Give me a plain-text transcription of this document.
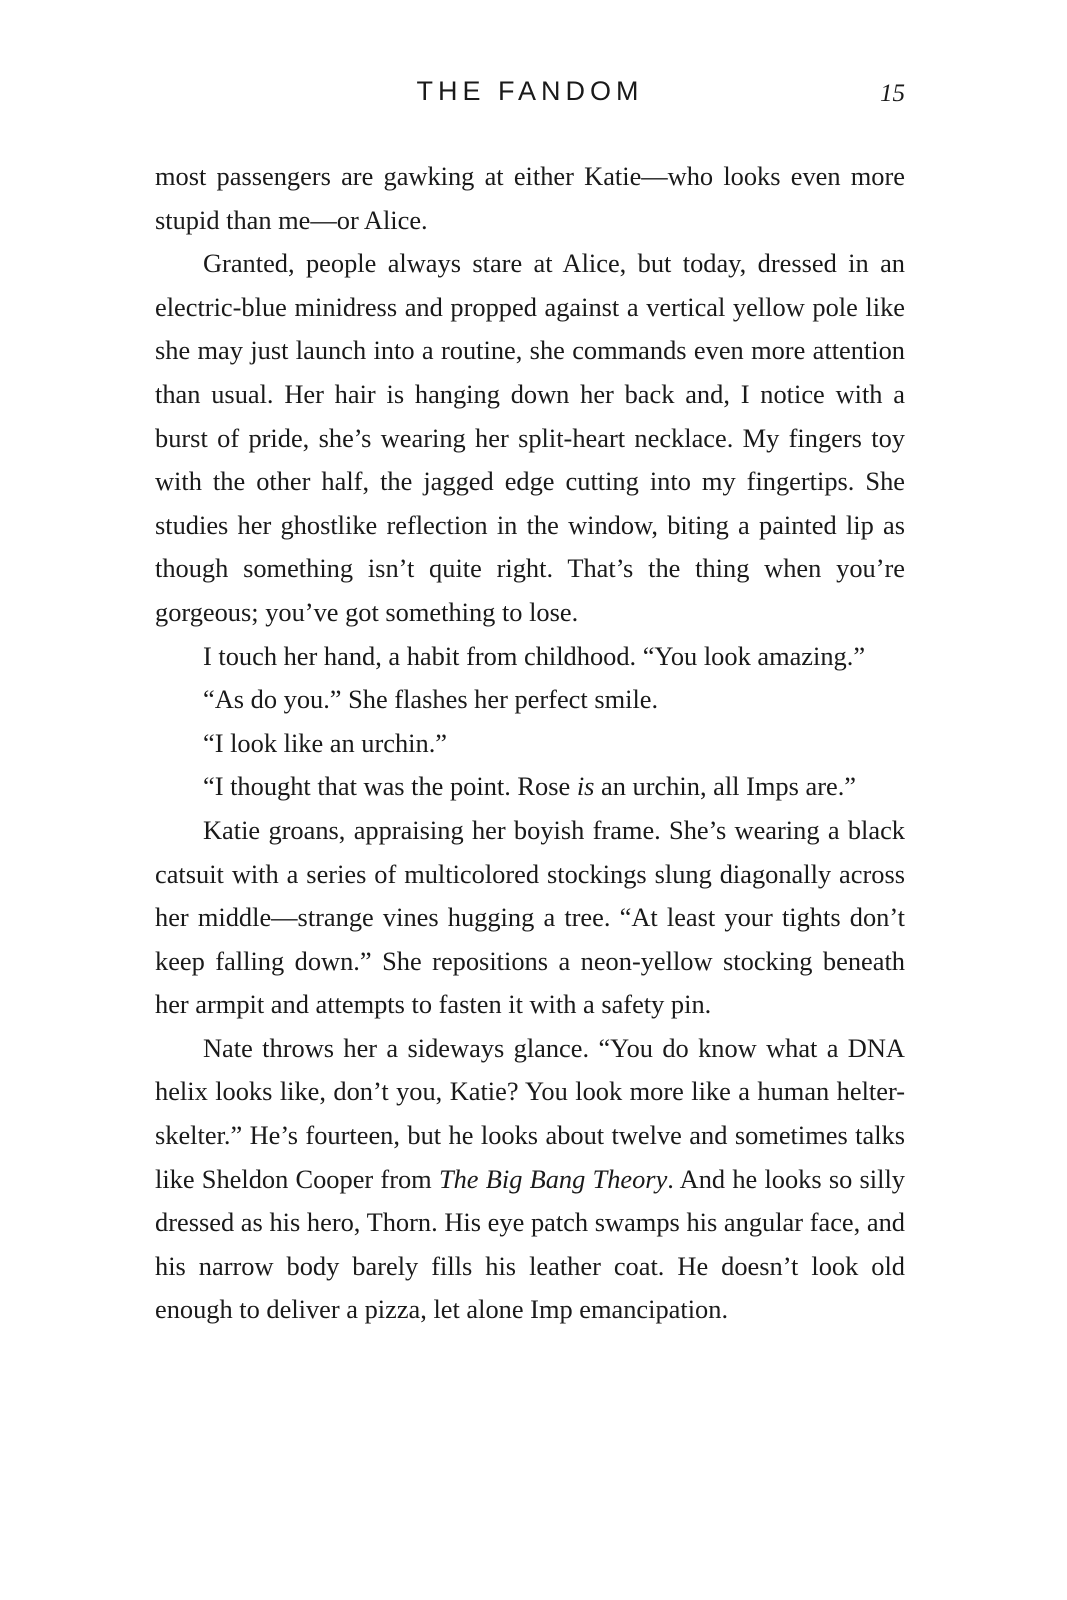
THE FANDOM	15

most passengers are gawking at either Katie—who looks even more stupid than me—or Alice.

Granted, people always stare at Alice, but today, dressed in an electric-blue minidress and propped against a vertical yellow pole like she may just launch into a routine, she commands even more attention than usual. Her hair is hanging down her back and, I notice with a burst of pride, she’s wearing her split-heart necklace. My fingers toy with the other half, the jagged edge cutting into my fingertips. She studies her ghostlike reflection in the window, biting a painted lip as though something isn’t quite right. That’s the thing when you’re gorgeous; you’ve got something to lose.

I touch her hand, a habit from childhood. “You look amazing.”

“As do you.” She flashes her perfect smile.

“I look like an urchin.”

“I thought that was the point. Rose is an urchin, all Imps are.”

Katie groans, appraising her boyish frame. She’s wearing a black catsuit with a series of multicolored stockings slung diagonally across her middle—strange vines hugging a tree. “At least your tights don’t keep falling down.” She repositions a neon-yellow stocking beneath her armpit and attempts to fasten it with a safety pin.

Nate throws her a sideways glance. “You do know what a DNA helix looks like, don’t you, Katie? You look more like a human helter-skelter.” He’s fourteen, but he looks about twelve and sometimes talks like Sheldon Cooper from The Big Bang Theory. And he looks so silly dressed as his hero, Thorn. His eye patch swamps his angular face, and his narrow body barely fills his leather coat. He doesn’t look old enough to deliver a pizza, let alone Imp emancipation.
